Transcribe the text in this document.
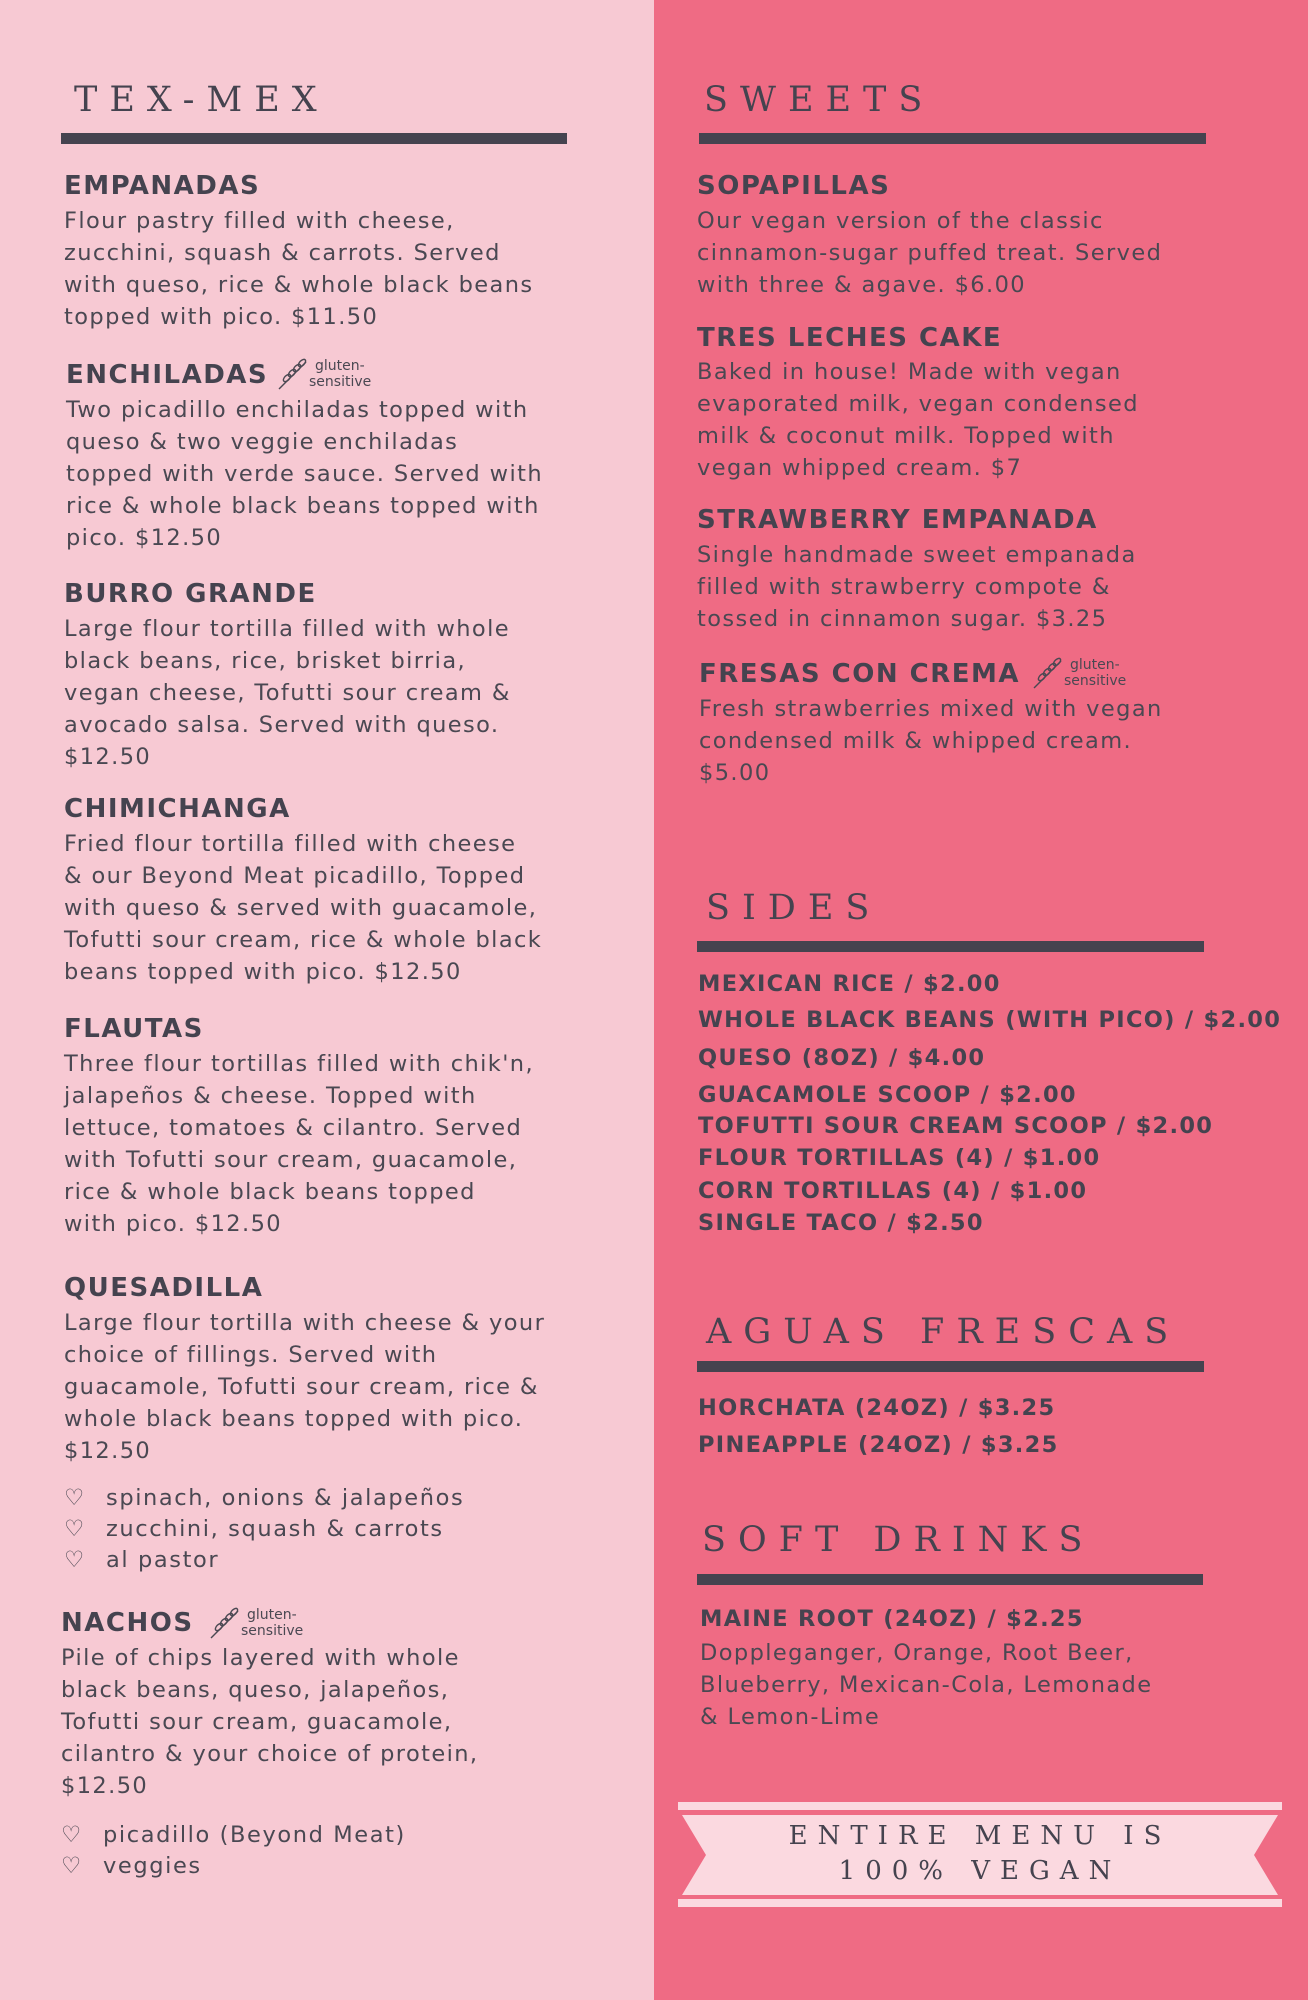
TEX-MEX
EMPANADAS
Flour pastry filled with cheese,
zucchini, squash & carrots. Served
with queso, rice & whole black beans
topped with pico. $11.50
ENCHILADAS	gluten-
sensitive
Two picadillo enchiladas topped with
queso & two veggie enchiladas
topped with verde sauce. Served with
rice & whole black beans topped with
pico. $12.50
BURRO GRANDE
Large flour tortilla filled with whole
black beans, rice, brisket birria,
vegan cheese, Tofutti sour cream &
avocado salsa. Served with queso.
$12.50
CHIMICHANGA
Fried flour tortilla filled with cheese
& our Beyond Meat picadillo, Topped
with queso & served with guacamole,
Tofutti sour cream, rice & whole black
beans topped with pico. $12.50
FLAUTAS
Three flour tortillas filled with chik'n,
jalapeños & cheese. Topped with
lettuce, tomatoes & cilantro. Served
with Tofutti sour cream, guacamole,
rice & whole black beans topped
with pico. $12.50
QUESADILLA
Large flour tortilla with cheese & your
choice of fillings. Served with
guacamole, Tofutti sour cream, rice &
whole black beans topped with pico.
$12.50
♡ spinach, onions & jalapeños
♡ zucchini, squash & carrots
♡ al pastor
NACHOS	gluten-
sensitive
Pile of chips layered with whole
black beans, queso, jalapeños,
Tofutti sour cream, guacamole,
cilantro & your choice of protein,
$12.50
♡ picadillo (Beyond Meat)
♡ veggies
SWEETS
SOPAPILLAS
Our vegan version of the classic
cinnamon-sugar puffed treat. Served
with three & agave. $6.00
TRES LECHES CAKE
Baked in house! Made with vegan
evaporated milk, vegan condensed
milk & coconut milk. Topped with
vegan whipped cream. $7
STRAWBERRY EMPANADA
Single handmade sweet empanada
filled with strawberry compote &
tossed in cinnamon sugar. $3.25
FRESAS CON CREMA	gluten-
sensitive
Fresh strawberries mixed with vegan
condensed milk & whipped cream.
$5.00
SIDES
MEXICAN RICE / $2.00
WHOLE BLACK BEANS (WITH PICO) / $2.00
QUESO (8OZ) / $4.00
GUACAMOLE SCOOP / $2.00
TOFUTTI SOUR CREAM SCOOP / $2.00
FLOUR TORTILLAS (4) / $1.00
CORN TORTILLAS (4) / $1.00
SINGLE TACO / $2.50
AGUAS FRESCAS
HORCHATA (24OZ) / $3.25
PINEAPPLE (24OZ) / $3.25
SOFT DRINKS
MAINE ROOT (24OZ) / $2.25
Doppleganger, Orange, Root Beer,
Blueberry, Mexican-Cola, Lemonade
& Lemon-Lime
ENTIRE MENU IS
100% VEGAN
